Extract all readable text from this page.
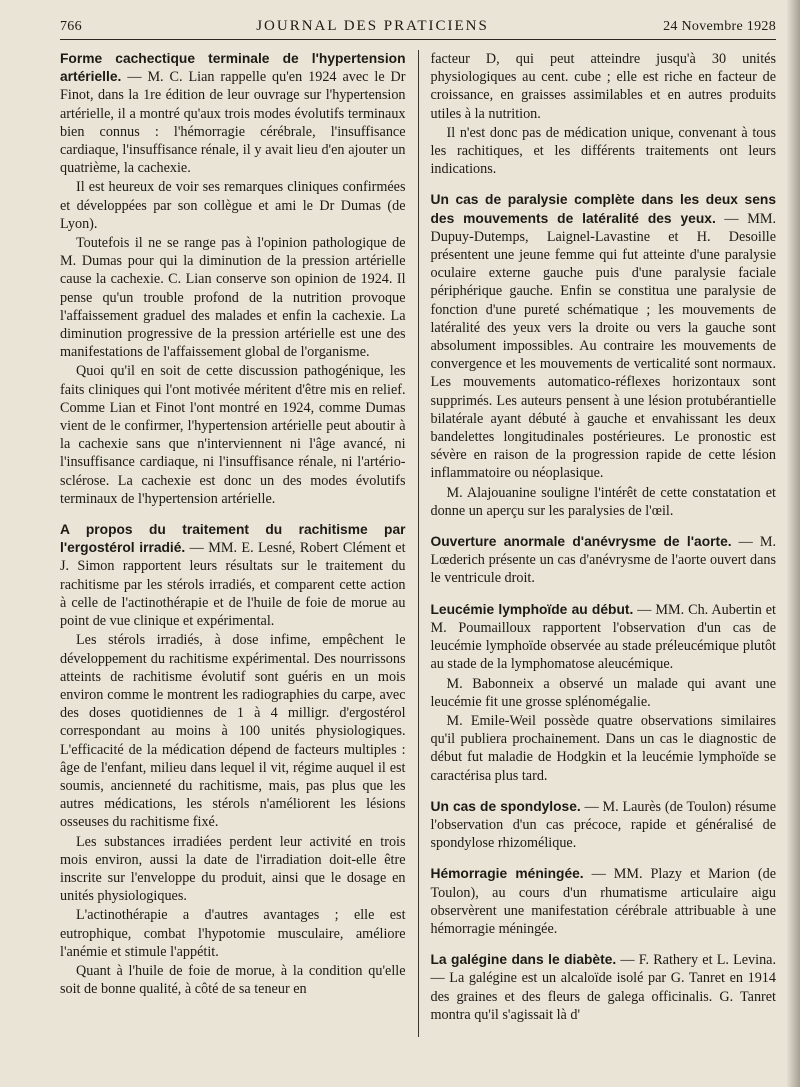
766	JOURNAL DES PRATICIENS	24 Novembre 1928

Forme cachectique terminale de l'hypertension artérielle. — M. C. Lian rappelle qu'en 1924 avec le Dr Finot, dans la 1re édition de leur ouvrage sur l'hypertension artérielle, il a montré qu'aux trois modes évolutifs terminaux bien connus : l'hémorragie cérébrale, l'insuffisance cardiaque, l'insuffisance rénale, il y avait lieu d'en ajouter un quatrième, la cachexie.

Il est heureux de voir ses remarques cliniques confirmées et développées par son collègue et ami le Dr Dumas (de Lyon).

Toutefois il ne se range pas à l'opinion pathologique de M. Dumas pour qui la diminution de la pression artérielle cause la cachexie. C. Lian conserve son opinion de 1924. Il pense qu'un trouble profond de la nutrition provoque l'affaissement graduel des malades et enfin la cachexie. La diminution progressive de la pression artérielle est une des manifestations de l'affaissement global de l'organisme.

Quoi qu'il en soit de cette discussion pathogénique, les faits cliniques qui l'ont motivée méritent d'être mis en relief. Comme Lian et Finot l'ont montré en 1924, comme Dumas vient de le confirmer, l'hypertension artérielle peut aboutir à la cachexie sans que n'interviennent ni l'âge avancé, ni l'insuffisance cardiaque, ni l'insuffisance rénale, ni l'artério-sclérose. La cachexie est donc un des modes évolutifs terminaux de l'hypertension artérielle.

A propos du traitement du rachitisme par l'ergostérol irradié. — MM. E. Lesné, Robert Clément et J. Simon rapportent leurs résultats sur le traitement du rachitisme par les stérols irradiés, et comparent cette action à celle de l'actinothérapie et de l'huile de foie de morue au point de vue clinique et expérimental.

Les stérols irradiés, à dose infime, empêchent le développement du rachitisme expérimental. Des nourrissons atteints de rachitisme évolutif sont guéris en un mois environ comme le montrent les radiographies du carpe, avec des doses quotidiennes de 1 à 4 milligr. d'ergostérol correspondant au moins à 100 unités physiologiques. L'efficacité de la médication dépend de facteurs multiples : âge de l'enfant, milieu dans lequel il vit, régime auquel il est soumis, ancienneté du rachitisme, mais, pas plus que les autres médications, les stérols n'améliorent les lésions osseuses du rachitisme fixé.

Les substances irradiées perdent leur activité en trois mois environ, aussi la date de l'irradiation doit-elle être inscrite sur l'enveloppe du produit, ainsi que le dosage en unités physiologiques.

L'actinothérapie a d'autres avantages ; elle est eutrophique, combat l'hypotomie musculaire, améliore l'anémie et stimule l'appétit.

Quant à l'huile de foie de morue, à la condition qu'elle soit de bonne qualité, à côté de sa teneur en

facteur D, qui peut atteindre jusqu'à 30 unités physiologiques au cent. cube ; elle est riche en facteur de croissance, en graisses assimilables et en autres produits utiles à la nutrition.

Il n'est donc pas de médication unique, convenant à tous les rachitiques, et les différents traitements ont leurs indications.

Un cas de paralysie complète dans les deux sens des mouvements de latéralité des yeux. — MM. Dupuy-Dutemps, Laignel-Lavastine et H. Desoille présentent une jeune femme qui fut atteinte d'une paralysie oculaire externe gauche puis d'une paralysie faciale périphérique gauche. Enfin se constitua une paralysie de fonction d'une pureté schématique ; les mouvements de latéralité des yeux vers la droite ou vers la gauche sont absolument impossibles. Au contraire les mouvements de convergence et les mouvements de verticalité sont normaux. Les mouvements automatico-réflexes horizontaux sont supprimés. Les auteurs pensent à une lésion protubérantielle bilatérale ayant débuté à gauche et envahissant les deux bandelettes longitudinales postérieures. Le pronostic est sévère en raison de la progression rapide de cette lésion inflammatoire ou néoplasique.

M. Alajouanine souligne l'intérêt de cette constatation et donne un aperçu sur les paralysies de l'œil.

Ouverture anormale d'anévrysme de l'aorte. — M. Lœderich présente un cas d'anévrysme de l'aorte ouvert dans le ventricule droit.

Leucémie lymphoïde au début. — MM. Ch. Aubertin et M. Poumailloux rapportent l'observation d'un cas de leucémie lymphoïde observée au stade préleucémique plutôt au stade de la lymphomatose aleucémique.

M. Babonneix a observé un malade qui avant une leucémie fit une grosse splénomégalie.

M. Emile-Weil possède quatre observations similaires qu'il publiera prochainement. Dans un cas le diagnostic de début fut maladie de Hodgkin et la leucémie lymphoïde se caractérisa plus tard.

Un cas de spondylose. — M. Laurès (de Toulon) résume l'observation d'un cas précoce, rapide et généralisé de spondylose rhizomélique.

Hémorragie méningée. — MM. Plazy et Marion (de Toulon), au cours d'un rhumatisme articulaire aigu observèrent une manifestation cérébrale attribuable à une hémorragie méningée.

La galégine dans le diabète. — F. Rathery et L. Levina. — La galégine est un alcaloïde isolé par G. Tanret en 1914 des graines et des fleurs de galega officinalis. G. Tanret montra qu'il s'agissait là d'
